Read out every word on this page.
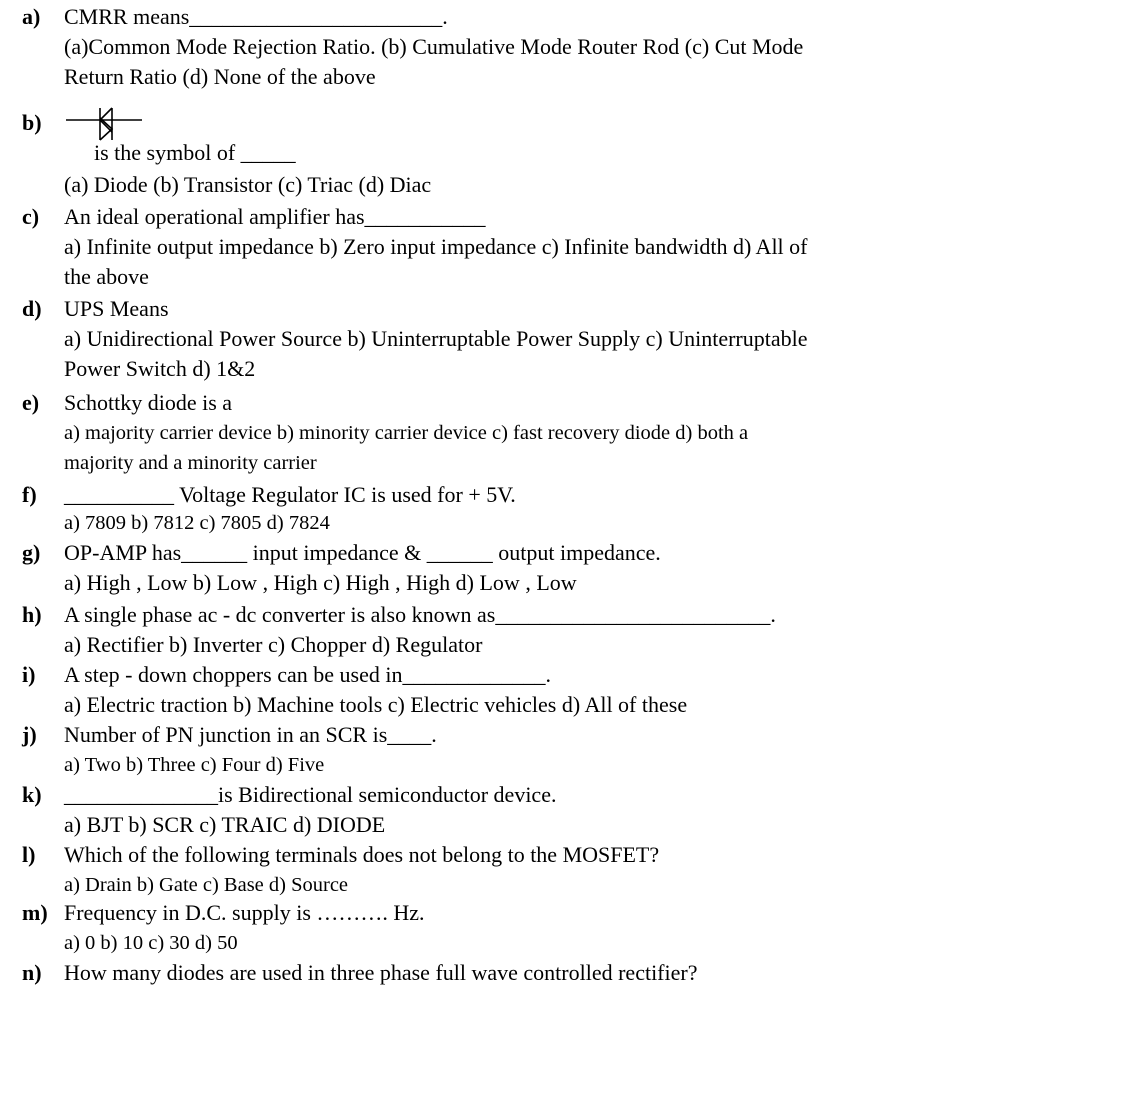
a) CMRR means_______________________.
(a)Common Mode Rejection Ratio. (b) Cumulative Mode Router Rod (c) Cut Mode
Return Ratio (d) None of the above
b)
is the symbol of _____
(a) Diode (b) Transistor (c) Triac (d) Diac
c) An ideal operational amplifier has___________
a) Infinite output impedance b) Zero input impedance c) Infinite bandwidth d) All of
the above
d) UPS Means
a) Unidirectional Power Source b) Uninterruptable Power Supply c) Uninterruptable
Power Switch d) 1&2
e) Schottky diode is a
a) majority carrier device b) minority carrier device c) fast recovery diode d) both a
majority and a minority carrier
f) __________ Voltage Regulator IC is used for + 5V.
a) 7809 b) 7812 c) 7805 d) 7824
g) OP-AMP has______ input impedance & ______ output impedance.
a) High , Low b) Low , High c) High , High d) Low , Low
h) A single phase ac - dc converter is also known as_________________________.
a) Rectifier b) Inverter c) Chopper d) Regulator
i) A step - down choppers can be used in_____________.
a) Electric traction b) Machine tools c) Electric vehicles d) All of these
j) Number of PN junction in an SCR is____.
a) Two b) Three c) Four d) Five
k) ______________is Bidirectional semiconductor device.
a) BJT b) SCR c) TRAIC d) DIODE
l) Which of the following terminals does not belong to the MOSFET?
a) Drain b) Gate c) Base d) Source
m) Frequency in D.C. supply is ………. Hz.
a) 0 b) 10 c) 30 d) 50
n) How many diodes are used in three phase full wave controlled rectifier?
